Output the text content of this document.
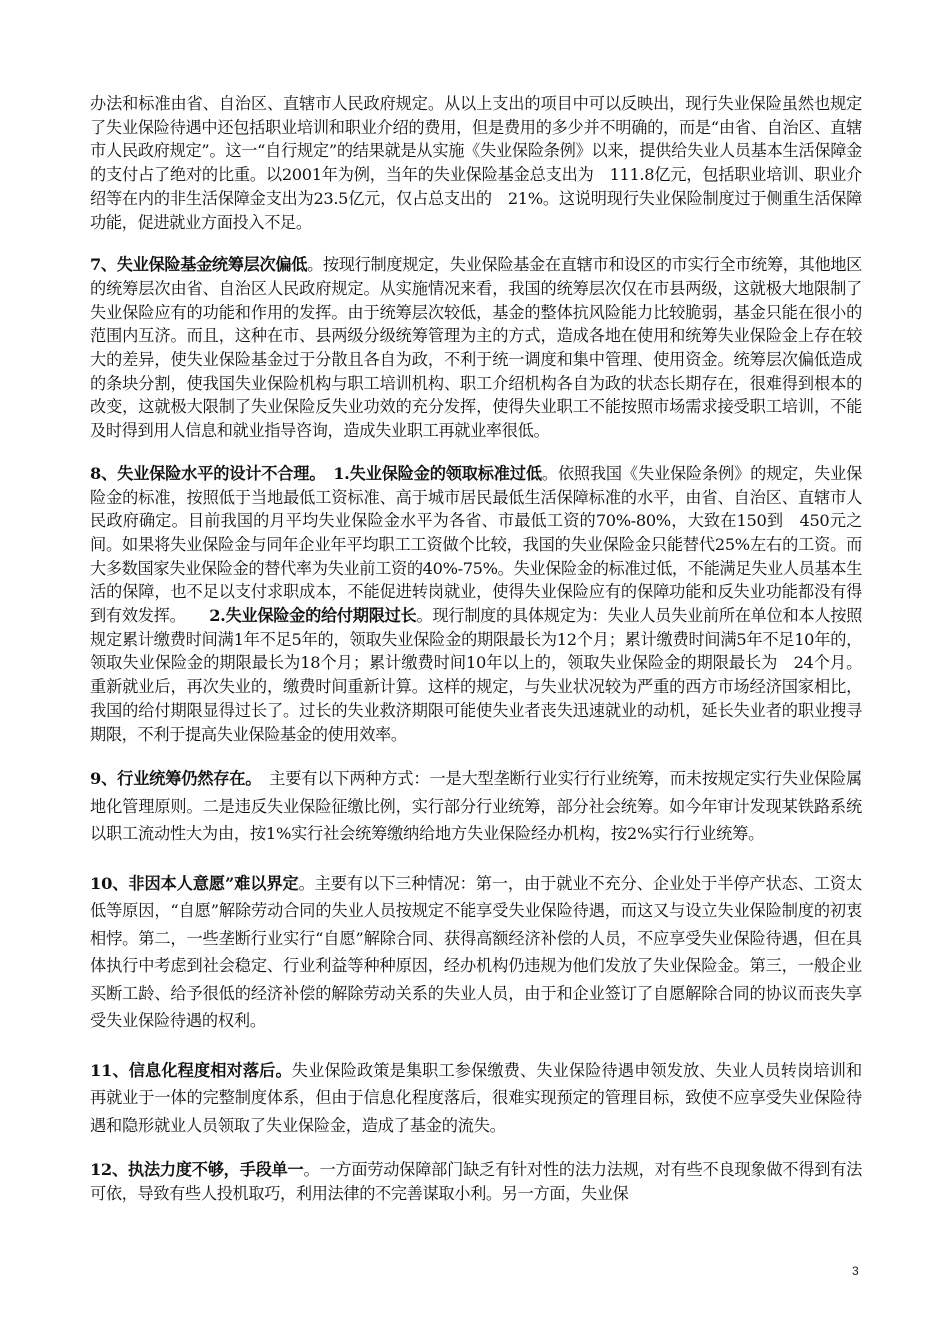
办法和标准由省、自治区、直辖市人民政府规定。从以上支出的项目中可以反映出，现行失业保险虽然也规定了失业保险待遇中还包括职业培训和职业介绍的费用，但是费用的多少并不明确的，而是“由省、自治区、直辖市人民政府规定”。这一“自行规定”的结果就是从实施《失业保险条例》以来，提供给失业人员基本生活保障金的支付占了绝对的比重。以2001年为例，当年的失业保险基金总支出为　111.8亿元，包括职业培训、职业介绍等在内的非生活保障金支出为23.5亿元，仅占总支出的　21%。这说明现行失业保险制度过于侧重生活保障功能，促进就业方面投入不足。

7、失业保险基金统筹层次偏低。按现行制度规定，失业保险基金在直辖市和设区的市实行全市统筹，其他地区的统筹层次由省、自治区人民政府规定。从实施情况来看，我国的统筹层次仅在市县两级，这就极大地限制了失业保险应有的功能和作用的发挥。由于统筹层次较低，基金的整体抗风险能力比较脆弱，基金只能在很小的范围内互济。而且，这种在市、县两级分级统筹管理为主的方式，造成各地在使用和统筹失业保险金上存在较大的差异，使失业保险基金过于分散且各自为政，不利于统一调度和集中管理、使用资金。统筹层次偏低造成的条块分割，使我国失业保险机构与职工培训机构、职工介绍机构各自为政的状态长期存在，很难得到根本的改变，这就极大限制了失业保险反失业功效的充分发挥，使得失业职工不能按照市场需求接受职工培训，不能及时得到用人信息和就业指导咨询，造成失业职工再就业率很低。

8、失业保险水平的设计不合理。　1.失业保险金的领取标准过低。依照我国《失业保险条例》的规定，失业保险金的标准，按照低于当地最低工资标准、高于城市居民最低生活保障标准的水平，由省、自治区、直辖市人民政府确定。目前我国的月平均失业保险金水平为各省、市最低工资的70%-80%，大致在150到　450元之间。如果将失业保险金与同年企业年平均职工工资做个比较，我国的失业保险金只能替代25%左右的工资。而大多数国家失业保险金的替代率为失业前工资的40%-75%。失业保险金的标准过低，不能满足失业人员基本生活的保障，也不足以支付求职成本，不能促进转岗就业，使得失业保险应有的保障功能和反失业功能都没有得到有效发挥。　　2.失业保险金的给付期限过长。现行制度的具体规定为：失业人员失业前所在单位和本人按照规定累计缴费时间满1年不足5年的，领取失业保险金的期限最长为12个月；累计缴费时间满5年不足10年的，领取失业保险金的期限最长为18个月；累计缴费时间10年以上的，领取失业保险金的期限最长为　24个月。重新就业后，再次失业的，缴费时间重新计算。这样的规定，与失业状况较为严重的西方市场经济国家相比，我国的给付期限显得过长了。过长的失业救济期限可能使失业者丧失迅速就业的动机，延长失业者的职业搜寻期限，不利于提高失业保险基金的使用效率。

9、行业统筹仍然存在。　主要有以下两种方式：一是大型垄断行业实行行业统筹，而未按规定实行失业保险属地化管理原则。二是违反失业保险征缴比例，实行部分行业统筹，部分社会统筹。如今年审计发现某铁路系统以职工流动性大为由，按1%实行社会统筹缴纳给地方失业保险经办机构，按2%实行行业统筹。

10、非因本人意愿”难以界定。主要有以下三种情况：第一，由于就业不充分、企业处于半停产状态、工资太低等原因，“自愿”解除劳动合同的失业人员按规定不能享受失业保险待遇，而这又与设立失业保险制度的初衷相悖。第二，一些垄断行业实行“自愿”解除合同、获得高额经济补偿的人员，不应享受失业保险待遇，但在具体执行中考虑到社会稳定、行业利益等种种原因，经办机构仍违规为他们发放了失业保险金。第三，一般企业买断工龄、给予很低的经济补偿的解除劳动关系的失业人员，由于和企业签订了自愿解除合同的协议而丧失享受失业保险待遇的权利。

11、信息化程度相对落后。失业保险政策是集职工参保缴费、失业保险待遇申领发放、失业人员转岗培训和再就业于一体的完整制度体系，但由于信息化程度落后，很难实现预定的管理目标，致使不应享受失业保险待遇和隐形就业人员领取了失业保险金，造成了基金的流失。

12、执法力度不够，手段单一。一方面劳动保障部门缺乏有针对性的法力法规，对有些不良现象做不得到有法可依，导致有些人投机取巧，利用法律的不完善谋取小利。另一方面，失业保

3
